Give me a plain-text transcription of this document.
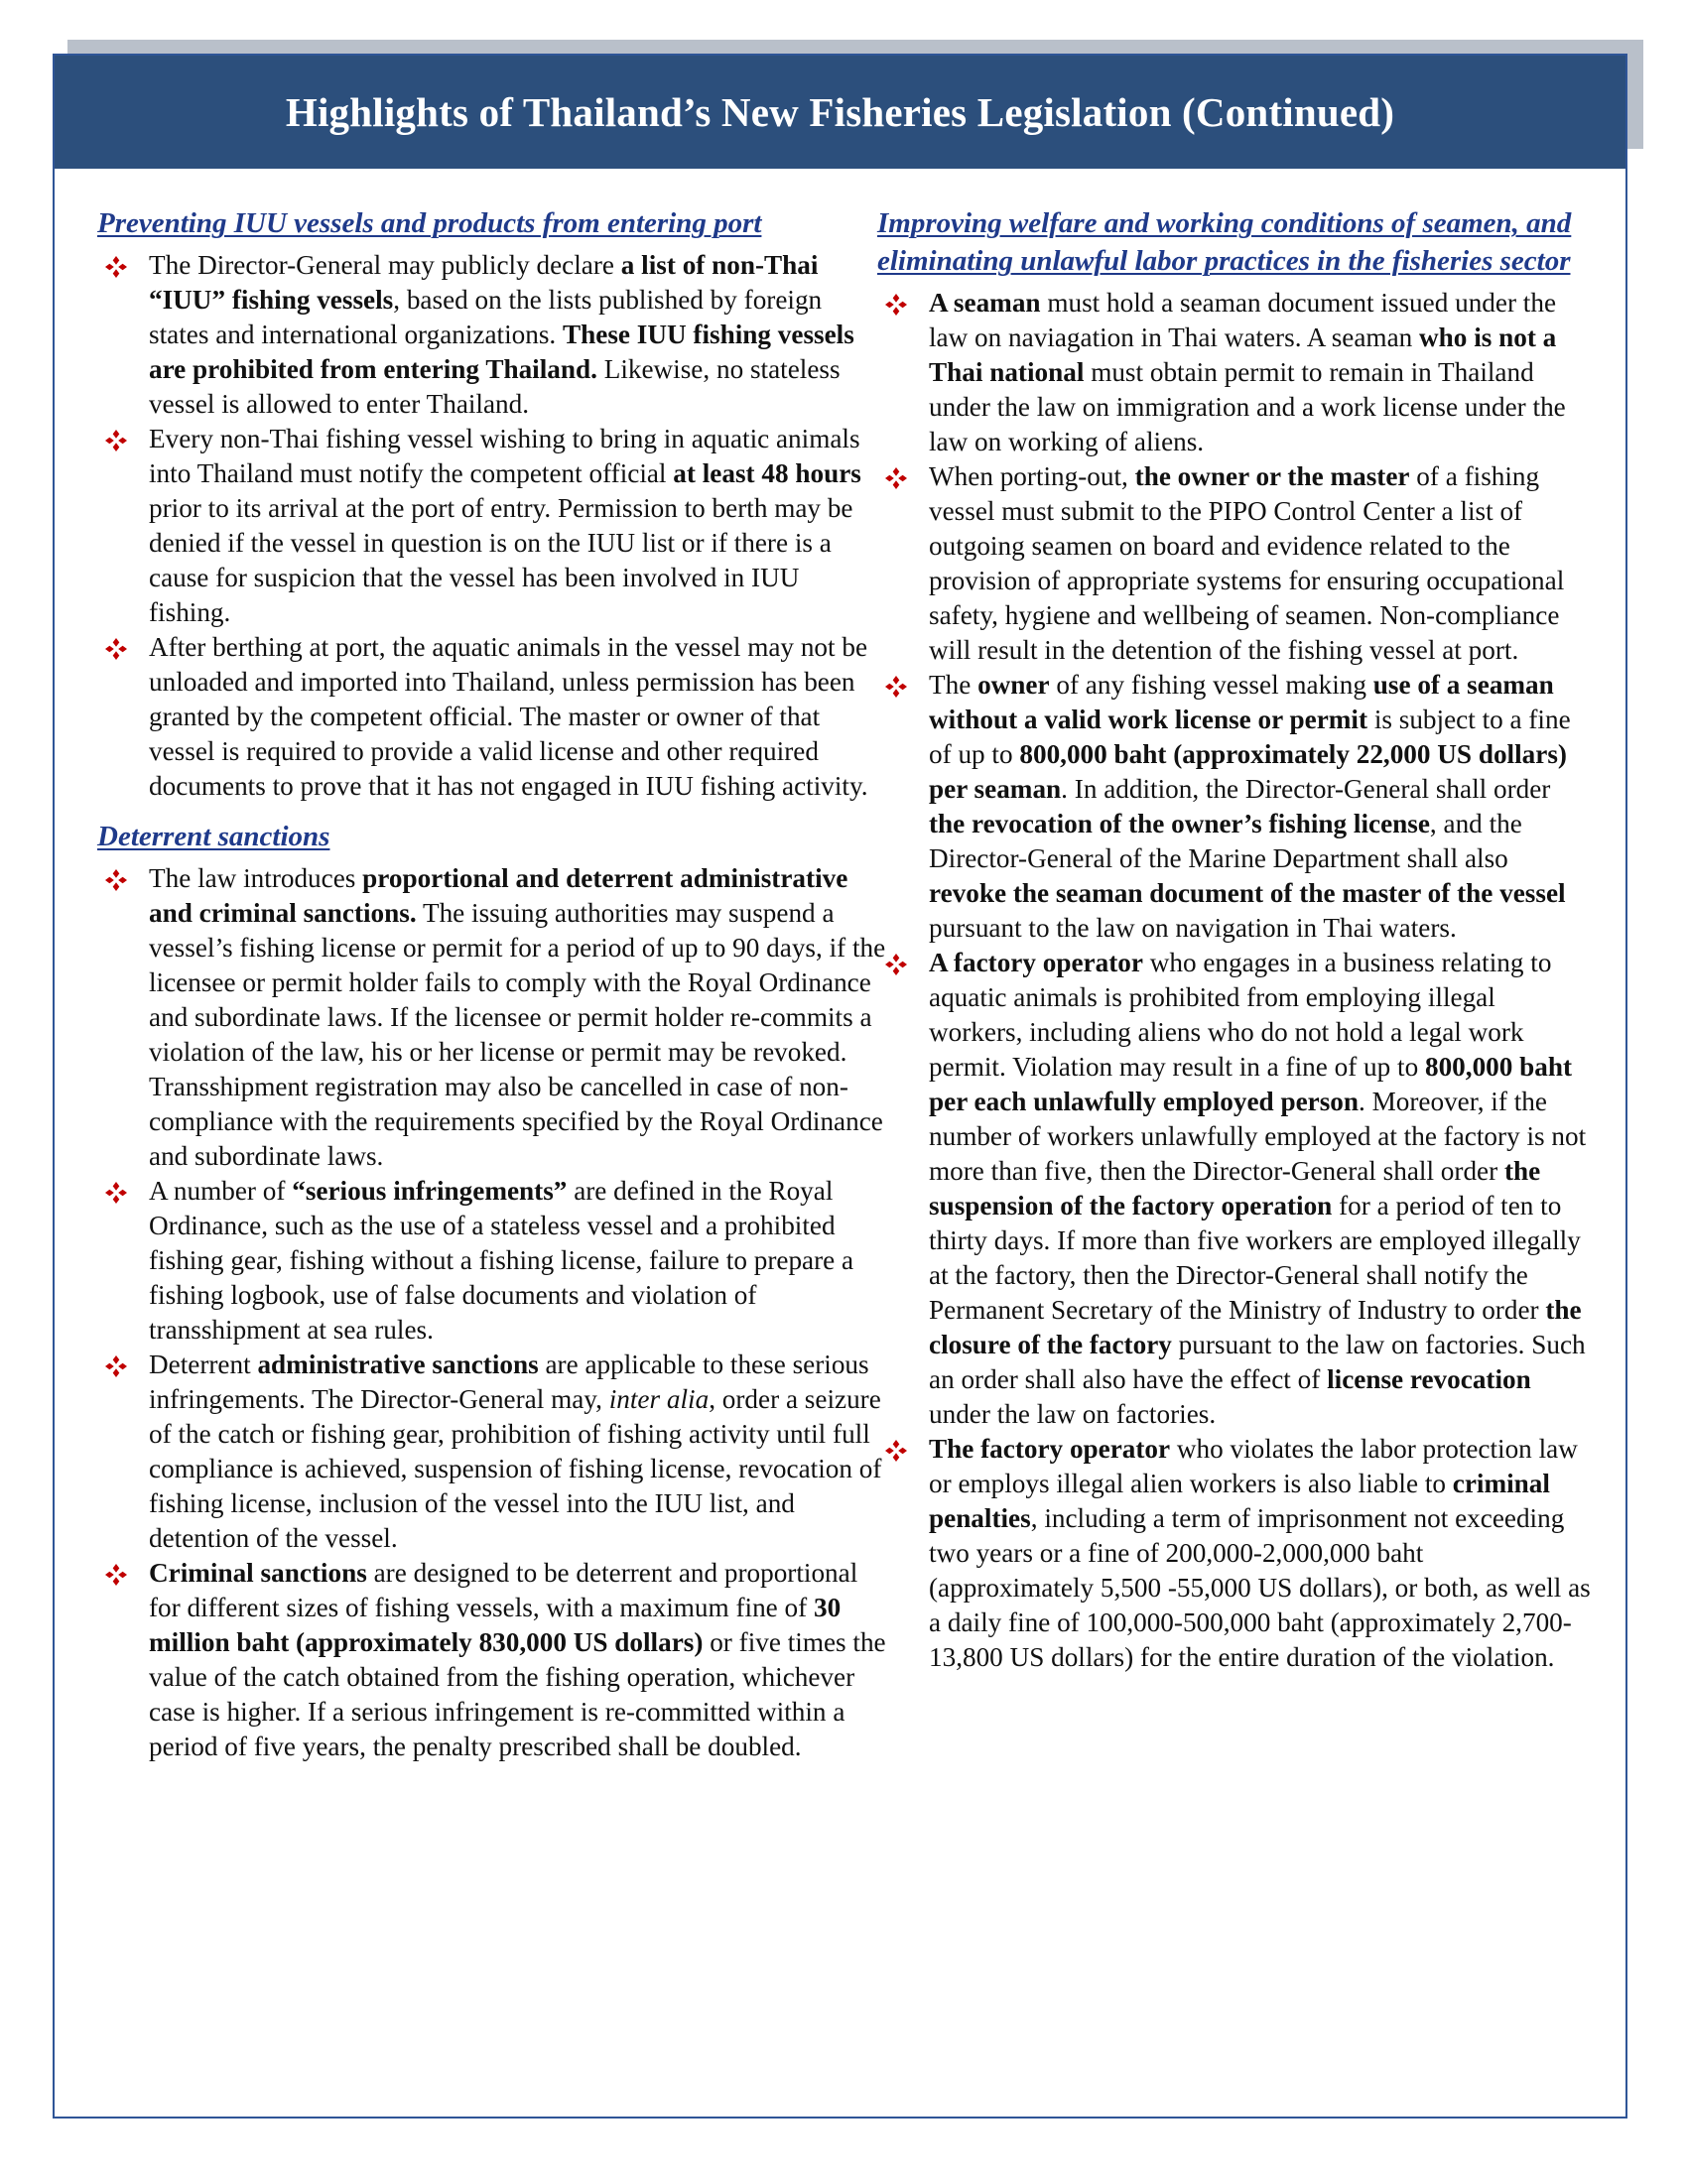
Highlights of Thailand’s New Fisheries Legislation (Continued)
Preventing IUU vessels and products from entering port
The Director-General may publicly declare a list of non-Thai “IUU” fishing vessels, based on the lists published by foreign states and international organizations. These IUU fishing vessels are prohibited from entering Thailand. Likewise, no stateless vessel is allowed to enter Thailand.
Every non-Thai fishing vessel wishing to bring in aquatic animals into Thailand must notify the competent official at least 48 hours prior to its arrival at the port of entry. Permission to berth may be denied if the vessel in question is on the IUU list or if there is a cause for suspicion that the vessel has been involved in IUU fishing.
After berthing at port, the aquatic animals in the vessel may not be unloaded and imported into Thailand, unless permission has been granted by the competent official. The master or owner of that vessel is required to provide a valid license and other required documents to prove that it has not engaged in IUU fishing activity.
Deterrent sanctions
The law introduces proportional and deterrent administrative and criminal sanctions. The issuing authorities may suspend a vessel’s fishing license or permit for a period of up to 90 days, if the licensee or permit holder fails to comply with the Royal Ordinance and subordinate laws. If the licensee or permit holder re-commits a violation of the law, his or her license or permit may be revoked. Transshipment registration may also be cancelled in case of non-compliance with the requirements specified by the Royal Ordinance and subordinate laws.
A number of “serious infringements” are defined in the Royal Ordinance, such as the use of a stateless vessel and a prohibited fishing gear, fishing without a fishing license, failure to prepare a fishing logbook, use of false documents and violation of transshipment at sea rules.
Deterrent administrative sanctions are applicable to these serious infringements. The Director-General may, inter alia, order a seizure of the catch or fishing gear, prohibition of fishing activity until full compliance is achieved, suspension of fishing license, revocation of fishing license, inclusion of the vessel into the IUU list, and detention of the vessel.
Criminal sanctions are designed to be deterrent and proportional for different sizes of fishing vessels, with a maximum fine of 30 million baht (approximately 830,000 US dollars) or five times the value of the catch obtained from the fishing operation, whichever case is higher. If a serious infringement is re-committed within a period of five years, the penalty prescribed shall be doubled.
Improving welfare and working conditions of seamen, and eliminating unlawful labor practices in the fisheries sector
A seaman must hold a seaman document issued under the law on naviagation in Thai waters. A seaman who is not a Thai national must obtain permit to remain in Thailand under the law on immigration and a work license under the law on working of aliens.
When porting-out, the owner or the master of a fishing vessel must submit to the PIPO Control Center a list of outgoing seamen on board and evidence related to the provision of appropriate systems for ensuring occupational safety, hygiene and wellbeing of seamen. Non-compliance will result in the detention of the fishing vessel at port.
The owner of any fishing vessel making use of a seaman without a valid work license or permit is subject to a fine of up to 800,000 baht (approximately 22,000 US dollars) per seaman. In addition, the Director-General shall order the revocation of the owner’s fishing license, and the Director-General of the Marine Department shall also revoke the seaman document of the master of the vessel pursuant to the law on navigation in Thai waters.
A factory operator who engages in a business relating to aquatic animals is prohibited from employing illegal workers, including aliens who do not hold a legal work permit. Violation may result in a fine of up to 800,000 baht per each unlawfully employed person. Moreover, if the number of workers unlawfully employed at the factory is not more than five, then the Director-General shall order the suspension of the factory operation for a period of ten to thirty days. If more than five workers are employed illegally at the factory, then the Director-General shall notify the Permanent Secretary of the Ministry of Industry to order the closure of the factory pursuant to the law on factories. Such an order shall also have the effect of license revocation under the law on factories.
The factory operator who violates the labor protection law or employs illegal alien workers is also liable to criminal penalties, including a term of imprisonment not exceeding two years or a fine of 200,000-2,000,000 baht (approximately 5,500 -55,000 US dollars), or both, as well as a daily fine of 100,000-500,000 baht (approximately 2,700-13,800 US dollars) for the entire duration of the violation.
